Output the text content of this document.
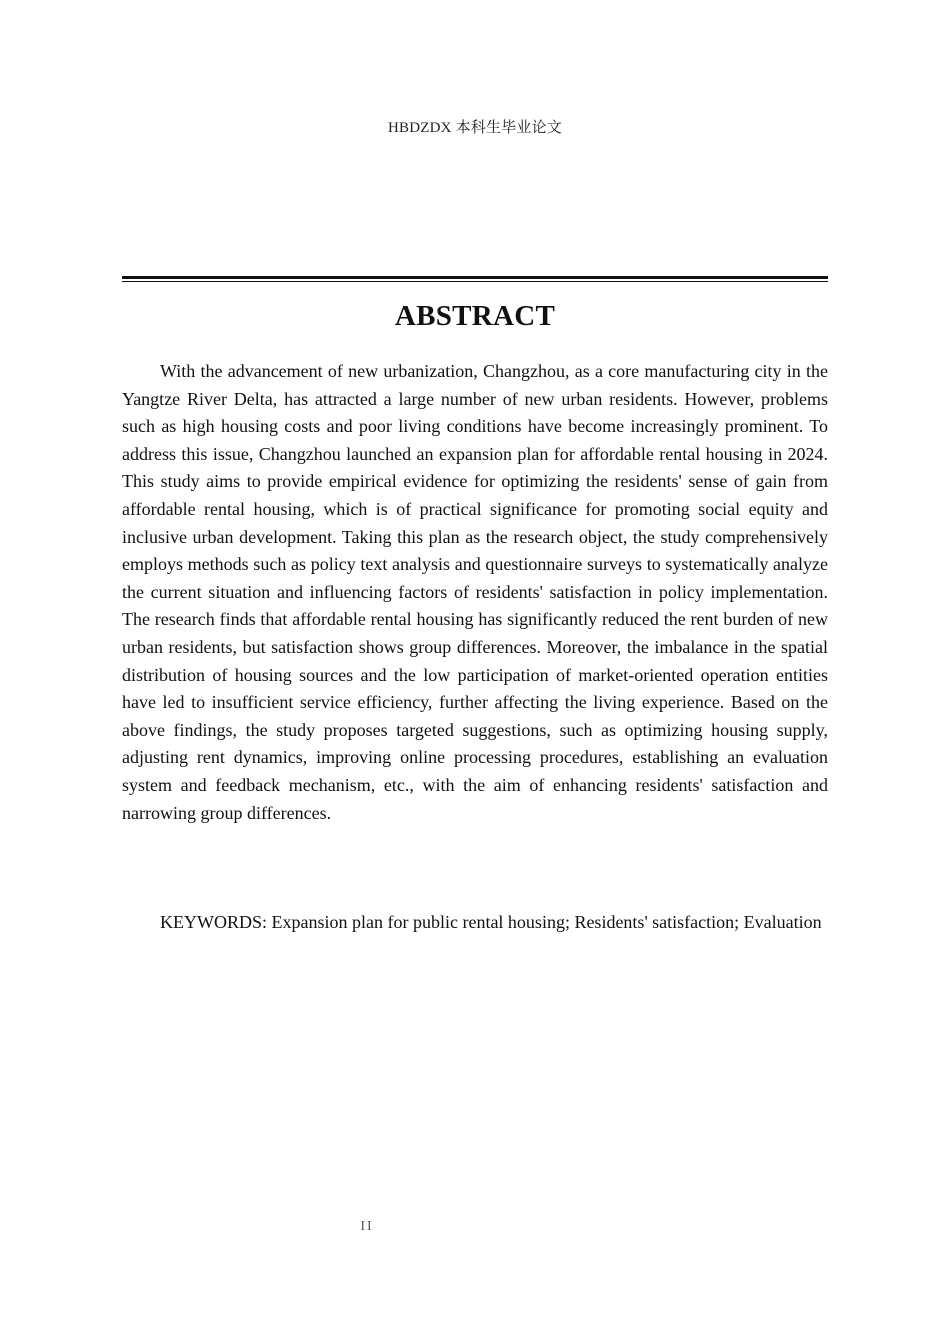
HBDZDX 本科生毕业论文
ABSTRACT

With the advancement of new urbanization, Changzhou, as a core manufacturing city in the Yangtze River Delta, has attracted a large number of new urban residents. However, problems such as high housing costs and poor living conditions have become increasingly prominent. To address this issue, Changzhou launched an expansion plan for affordable rental housing in 2024. This study aims to provide empirical evidence for optimizing the residents' sense of gain from affordable rental housing, which is of practical significance for promoting social equity and inclusive urban development. Taking this plan as the research object, the study comprehensively employs methods such as policy text analysis and questionnaire surveys to systematically analyze the current situation and influencing factors of residents' satisfaction in policy implementation. The research finds that affordable rental housing has significantly reduced the rent burden of new urban residents, but satisfaction shows group differences. Moreover, the imbalance in the spatial distribution of housing sources and the low participation of market-oriented operation entities have led to insufficient service efficiency, further affecting the living experience. Based on the above findings, the study proposes targeted suggestions, such as optimizing housing supply, adjusting rent dynamics, improving online processing procedures, establishing an evaluation system and feedback mechanism, etc., with the aim of enhancing residents' satisfaction and narrowing group differences.

KEYWORDS: Expansion plan for public rental housing; Residents' satisfaction; Evaluation

II
